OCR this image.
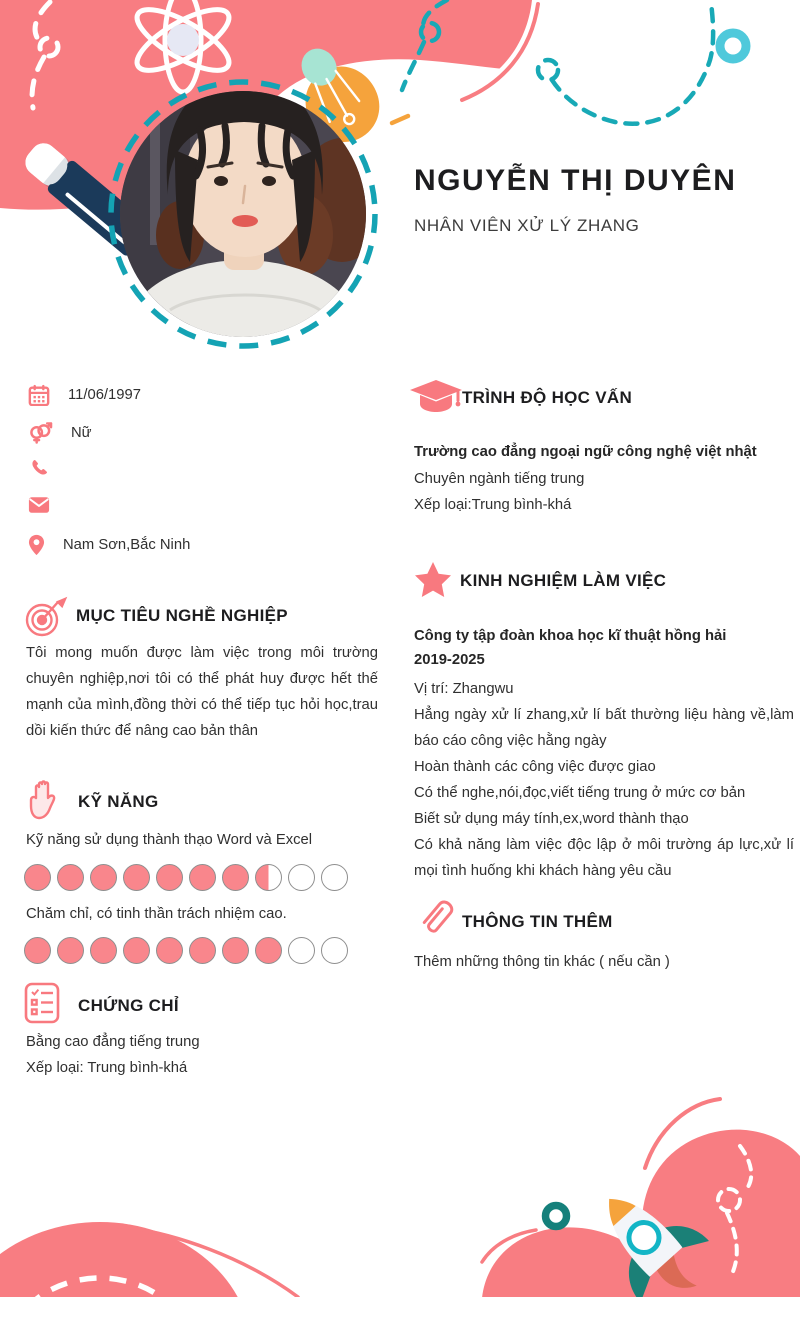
NGUYỄN THỊ DUYÊN
NHÂN VIÊN XỬ LÝ ZHANG
11/06/1997
Nữ
Nam Sơn,Bắc Ninh
MỤC TIÊU NGHỀ NGHIỆP
Tôi mong muốn được làm việc trong môi trường chuyên nghiệp,nơi tôi có thể phát huy được hết thế mạnh của mình,đồng thời có thể tiếp tục hỏi học,trau dồi kiến thức để nâng cao bản thân
KỸ NĂNG
Kỹ năng sử dụng thành thạo Word và Excel
Chăm chỉ, có tinh thần trách nhiệm cao.
CHỨNG CHỈ
Bằng cao đẳng tiếng trung
Xếp loại: Trung bình-khá
TRÌNH ĐỘ HỌC VẤN
Trường cao đẳng ngoại ngữ công nghệ việt nhật
Chuyên ngành tiếng trung
Xếp loại:Trung bình-khá
KINH NGHIỆM LÀM VIỆC
Công ty tập đoàn khoa học kĩ thuật hồng hải
2019-2025

Vị trí: Zhangwu

Hẳng ngày xử lí zhang,xử lí bất thường liệu hàng về,làm báo cáo công việc hằng ngày

Hoàn thành các công việc được giao

Có thể nghe,nói,đọc,viết tiếng trung ở mức cơ bản

Biết sử dụng máy tính,ex,word thành thạo

Có khả năng làm việc độc lập ở môi trường áp lực,xử lí mọi tình huống khi khách hàng yêu cầu

THÔNG TIN THÊM
Thêm những thông tin khác ( nếu cần )
